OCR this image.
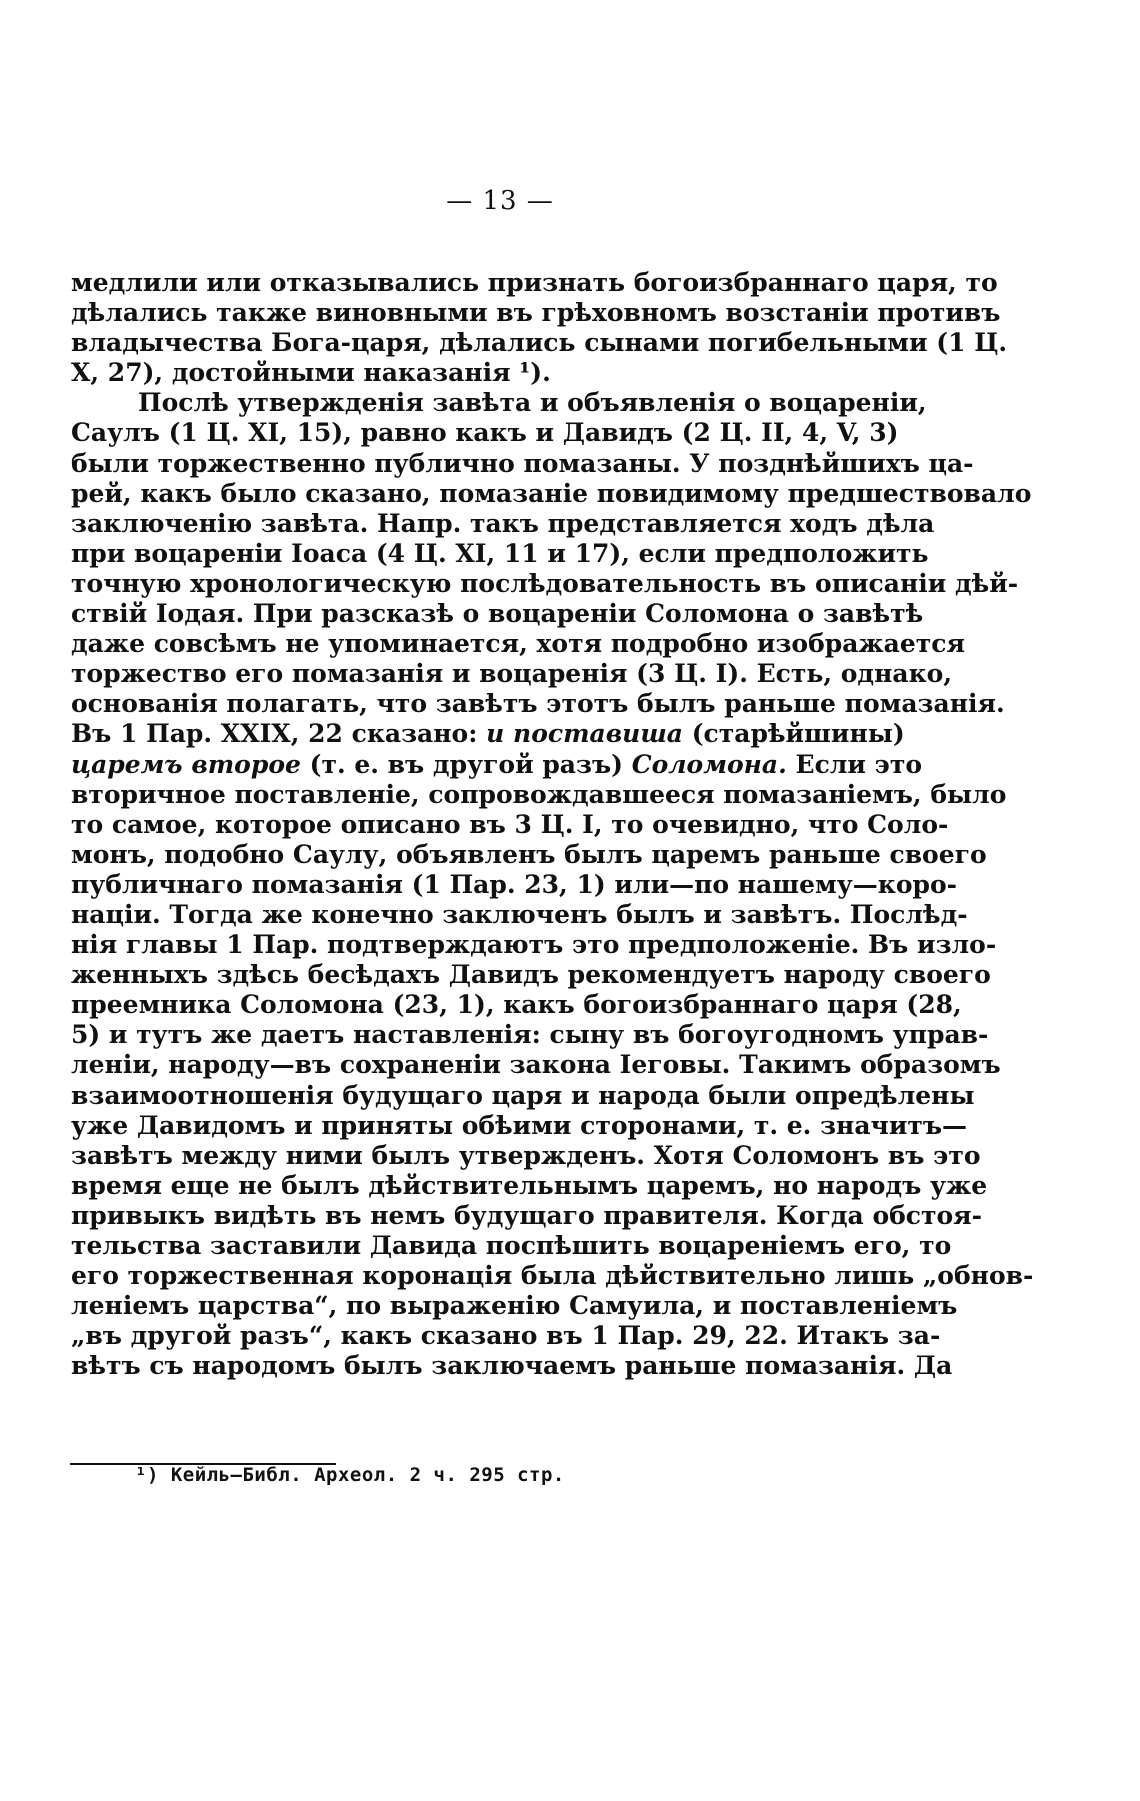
— 13 —
медлили или отказывались признать богоизбраннаго царя, то
дѣлались также виновными въ грѣховномъ возстаніи противъ
владычества Бога-царя, дѣлались сынами погибельными (1 Ц.
X, 27), достойными наказанія ¹).
Послѣ утвержденія завѣта и объявленія о воцареніи,
Саулъ (1 Ц. XI, 15), равно какъ и Давидъ (2 Ц. II, 4, V, 3)
были торжественно публично помазаны. У позднѣйшихъ ца-
рей, какъ было сказано, помазаніе повидимому предшествовало
заключенію завѣта. Напр. такъ представляется ходъ дѣла
при воцареніи Іоаса (4 Ц. XI, 11 и 17), если предположить
точную хронологическую послѣдовательность въ описаніи дѣй-
ствій Іодая. При разсказѣ о воцареніи Соломона о завѣтѣ
даже совсѣмъ не упоминается, хотя подробно изображается
торжество его помазанія и воцаренія (3 Ц. I). Есть, однако,
основанія полагать, что завѣтъ этотъ былъ раньше помазанія.
Въ 1 Пар. XXIX, 22 сказано: и поставиша (старѣйшины)
царемъ второе (т. е. въ другой разъ) Соломона. Если это
вторичное поставленіе, сопровождавшееся помазаніемъ, было
то самое, которое описано въ 3 Ц. I, то очевидно, что Соло-
монъ, подобно Саулу, объявленъ былъ царемъ раньше своего
публичнаго помазанія (1 Пар. 23, 1) или—по нашему—коро-
націи. Тогда же конечно заключенъ былъ и завѣтъ. Послѣд-
нія главы 1 Пар. подтверждаютъ это предположеніе. Въ изло-
женныхъ здѣсь бесѣдахъ Давидъ рекомендуетъ народу своего
преемника Соломона (23, 1), какъ богоизбраннаго царя (28,
5) и тутъ же даетъ наставленія: сыну въ богоугодномъ управ-
леніи, народу—въ сохраненіи закона Іеговы. Такимъ образомъ
взаимоотношенія будущаго царя и народа были опредѣлены
уже Давидомъ и приняты обѣими сторонами, т. е. значитъ—
завѣтъ между ними былъ утвержденъ. Хотя Соломонъ въ это
время еще не былъ дѣйствительнымъ царемъ, но народъ уже
привыкъ видѣть въ немъ будущаго правителя. Когда обстоя-
тельства заставили Давида поспѣшить воцареніемъ его, то
его торжественная коронація была дѣйствительно лишь „обнов-
леніемъ царства“, по выраженію Самуила, и поставленіемъ
„въ другой разъ“, какъ сказано въ 1 Пар. 29, 22. Итакъ за-
вѣтъ съ народомъ былъ заключаемъ раньше помазанія. Да
¹) Кейль—Библ. Археол. 2 ч. 295 стр.
